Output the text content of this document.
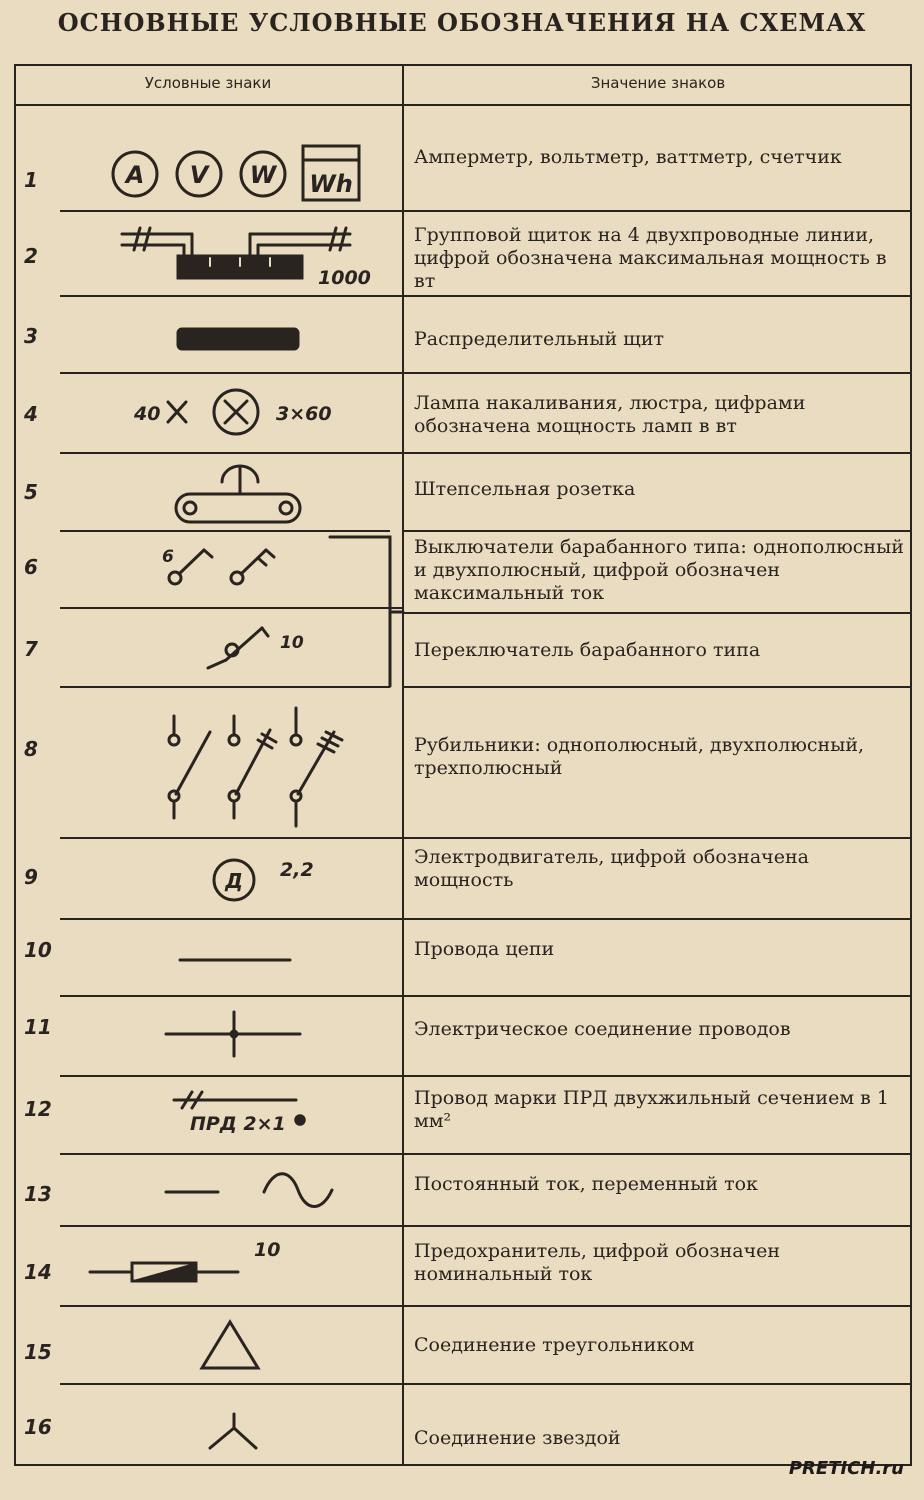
ОСНОВНЫЕ УСЛОВНЫЕ ОБОЗНАЧЕНИЯ НА СХЕМАХ
Условные знаки	Значение знаков
1
2
3
4
5
6
7
8
9
10
11
12
13
14
15
16

Амперметр, вольтметр, ваттметр, счетчик

Групповой щиток на 4 двухпроводные линии, цифрой обозначена максимальная мощность в вт

Распределительный щит

Лампа накаливания, люстра, цифрами обозначена мощность ламп в вт

Штепсельная розетка

Выключатели барабанного типа: однополюсный и двухполюсный, цифрой обозначен максимальный ток

Переключатель барабанного типа

Рубильники: однополюсный, двухполюсный, трехполюсный

Электродвигатель, цифрой обозначена мощность

Провода цепи

Электрическое соединение проводов

Провод марки ПРД двухжильный сечением в 1 мм²

Постоянный ток, переменный ток

Предохранитель, цифрой обозначен номинальный ток

Соединение треугольником

Соединение звездой

A V W Wh
1000
40	3×60
6
10
Д 2,2
ПРД 2×1
10
PRETICH.ru
